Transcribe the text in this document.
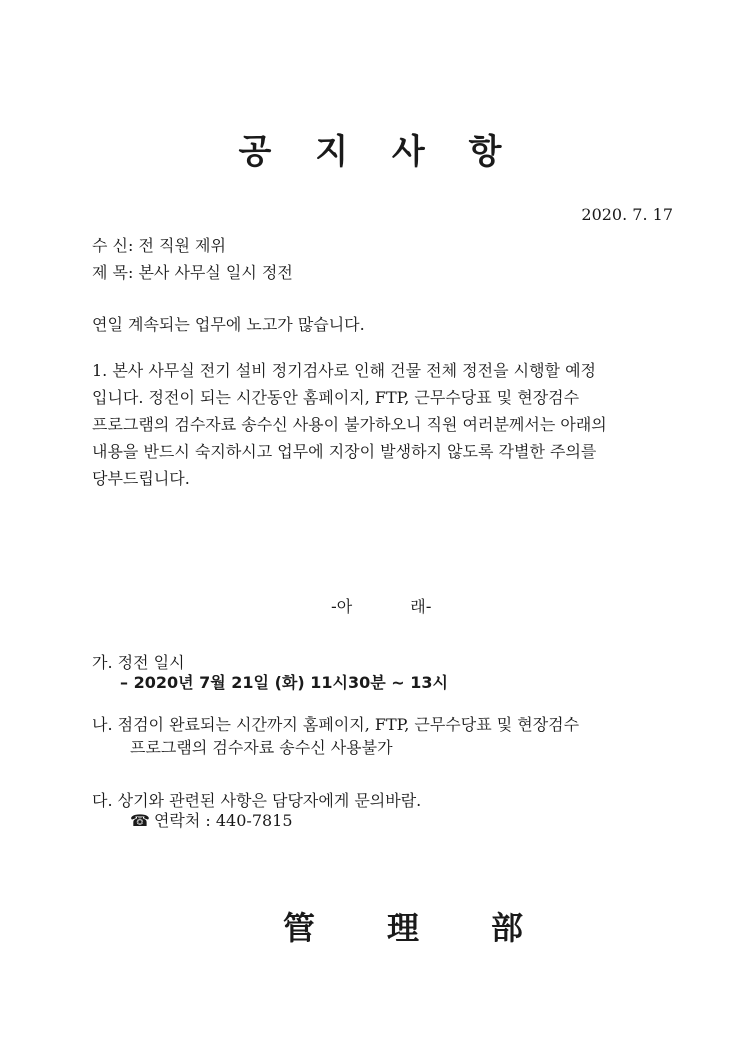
공 지 사 항
2020. 7. 17
수 신: 전 직원 제위
제 목: 본사 사무실 일시 정전
연일 계속되는 업무에 노고가 많습니다.
1. 본사 사무실 전기 설비 정기검사로 인해 건물 전체 정전을 시행할 예정
입니다. 정전이 되는 시간동안 홈페이지, FTP, 근무수당표 및 현장검수
프로그램의 검수자료 송수신 사용이 불가하오니 직원 여러분께서는 아래의
내용을 반드시 숙지하시고 업무에 지장이 발생하지 않도록 각별한 주의를
당부드립니다.
-아	래-
가. 정전 일시
– 2020년 7월 21일 (화) 11시30분 ~ 13시
나. 점검이 완료되는 시간까지 홈페이지, FTP, 근무수당표 및 현장검수
프로그램의 검수자료 송수신 사용불가
다. 상기와 관련된 사항은 담당자에게 문의바람.
☎ 연락처 : 440-7815
管 理 部
